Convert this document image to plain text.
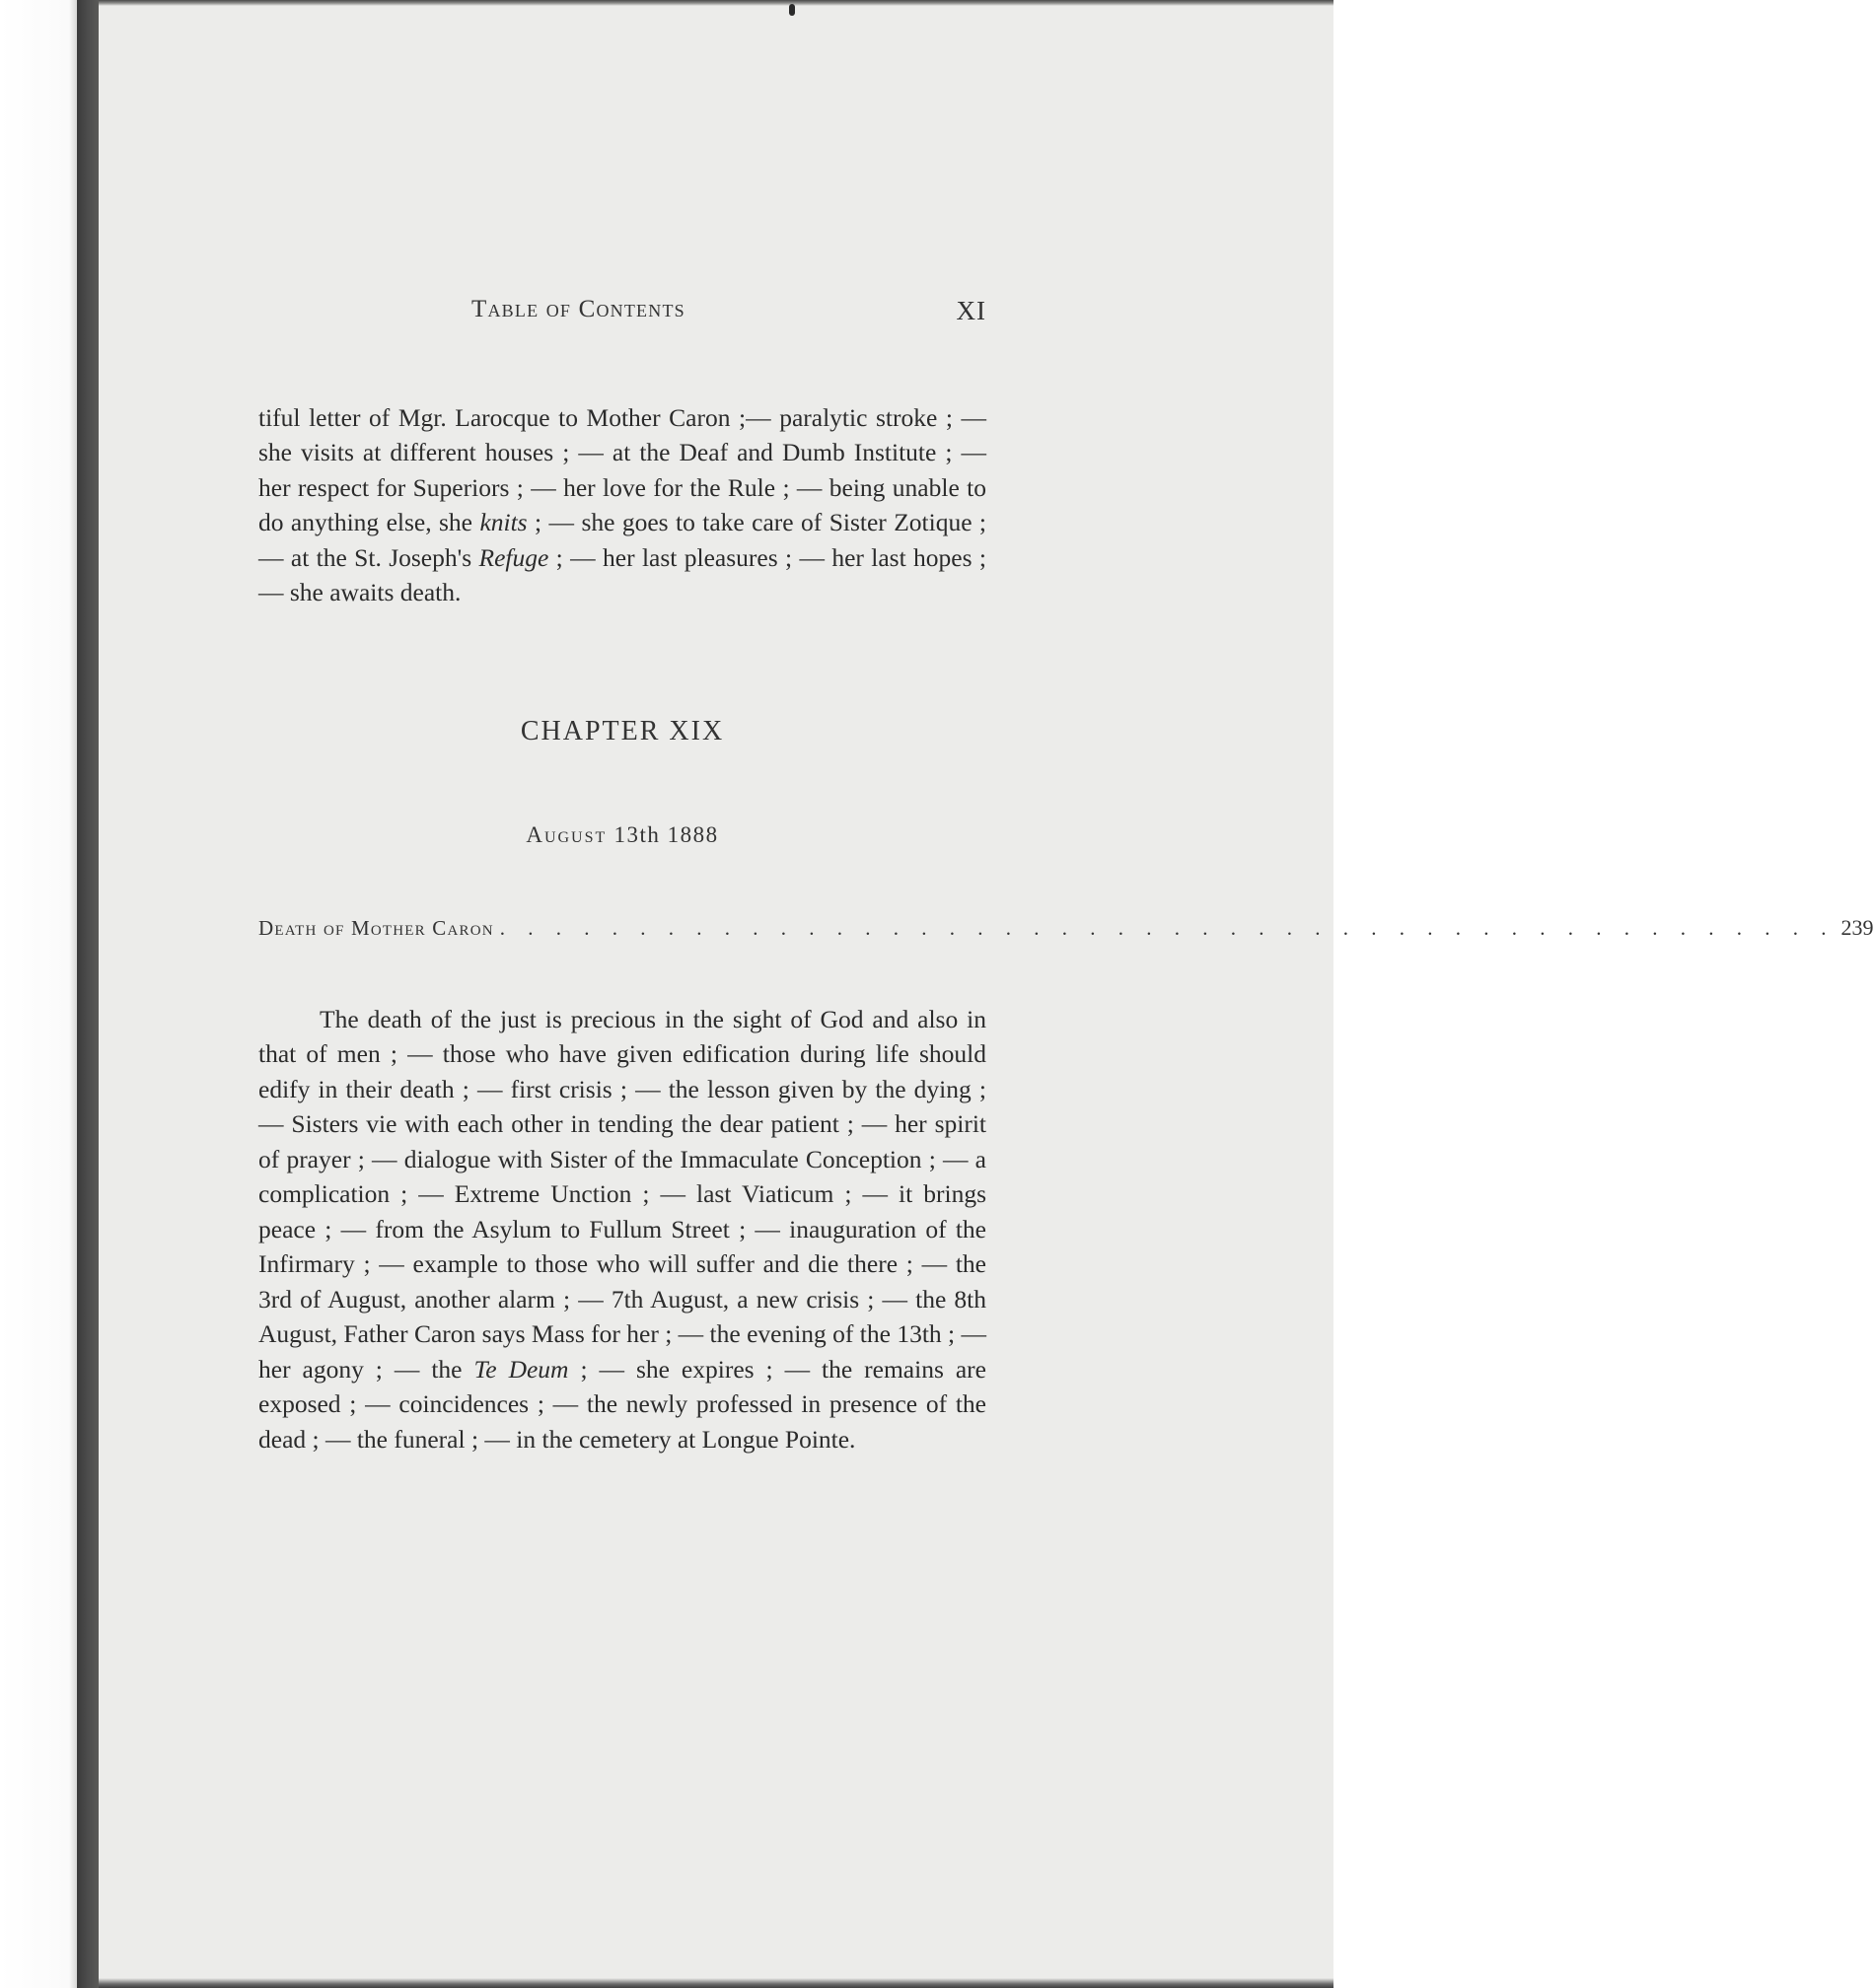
Table of Contents	XI

tiful letter of Mgr. Larocque to Mother Caron ;— paralytic stroke ; — she visits at different houses ; — at the Deaf and Dumb Institute ; — her respect for Superiors ; — her love for the Rule ; — being unable to do anything else, she knits ; — she goes to take care of Sister Zotique ; — at the St. Joseph's Refuge ; — her last pleasures ; — her last hopes ; — she awaits death.

CHAPTER XIX
August 13th 1888
Death of Mother Caron . . . . . . . . . . . . . . . . . . . . . . . . . . . . . . . . . . . . . . . . . . . . . . . . 239

The death of the just is precious in the sight of God and also in that of men ; — those who have given edification during life should edify in their death ; — first crisis ; — the lesson given by the dying ; — Sisters vie with each other in tending the dear patient ; — her spirit of prayer ; — dialogue with Sister of the Immaculate Conception ; — a complication ; — Extreme Unction ; — last Viaticum ; — it brings peace ; — from the Asylum to Fullum Street ; — inauguration of the Infirmary ; — example to those who will suffer and die there ; — the 3rd of August, another alarm ; — 7th August, a new crisis ; — the 8th August, Father Caron says Mass for her ; — the evening of the 13th ; — her agony ; — the Te Deum ; — she expires ; — the remains are exposed ; — coincidences ; — the newly professed in presence of the dead ; — the funeral ; — in the cemetery at Longue Pointe.
